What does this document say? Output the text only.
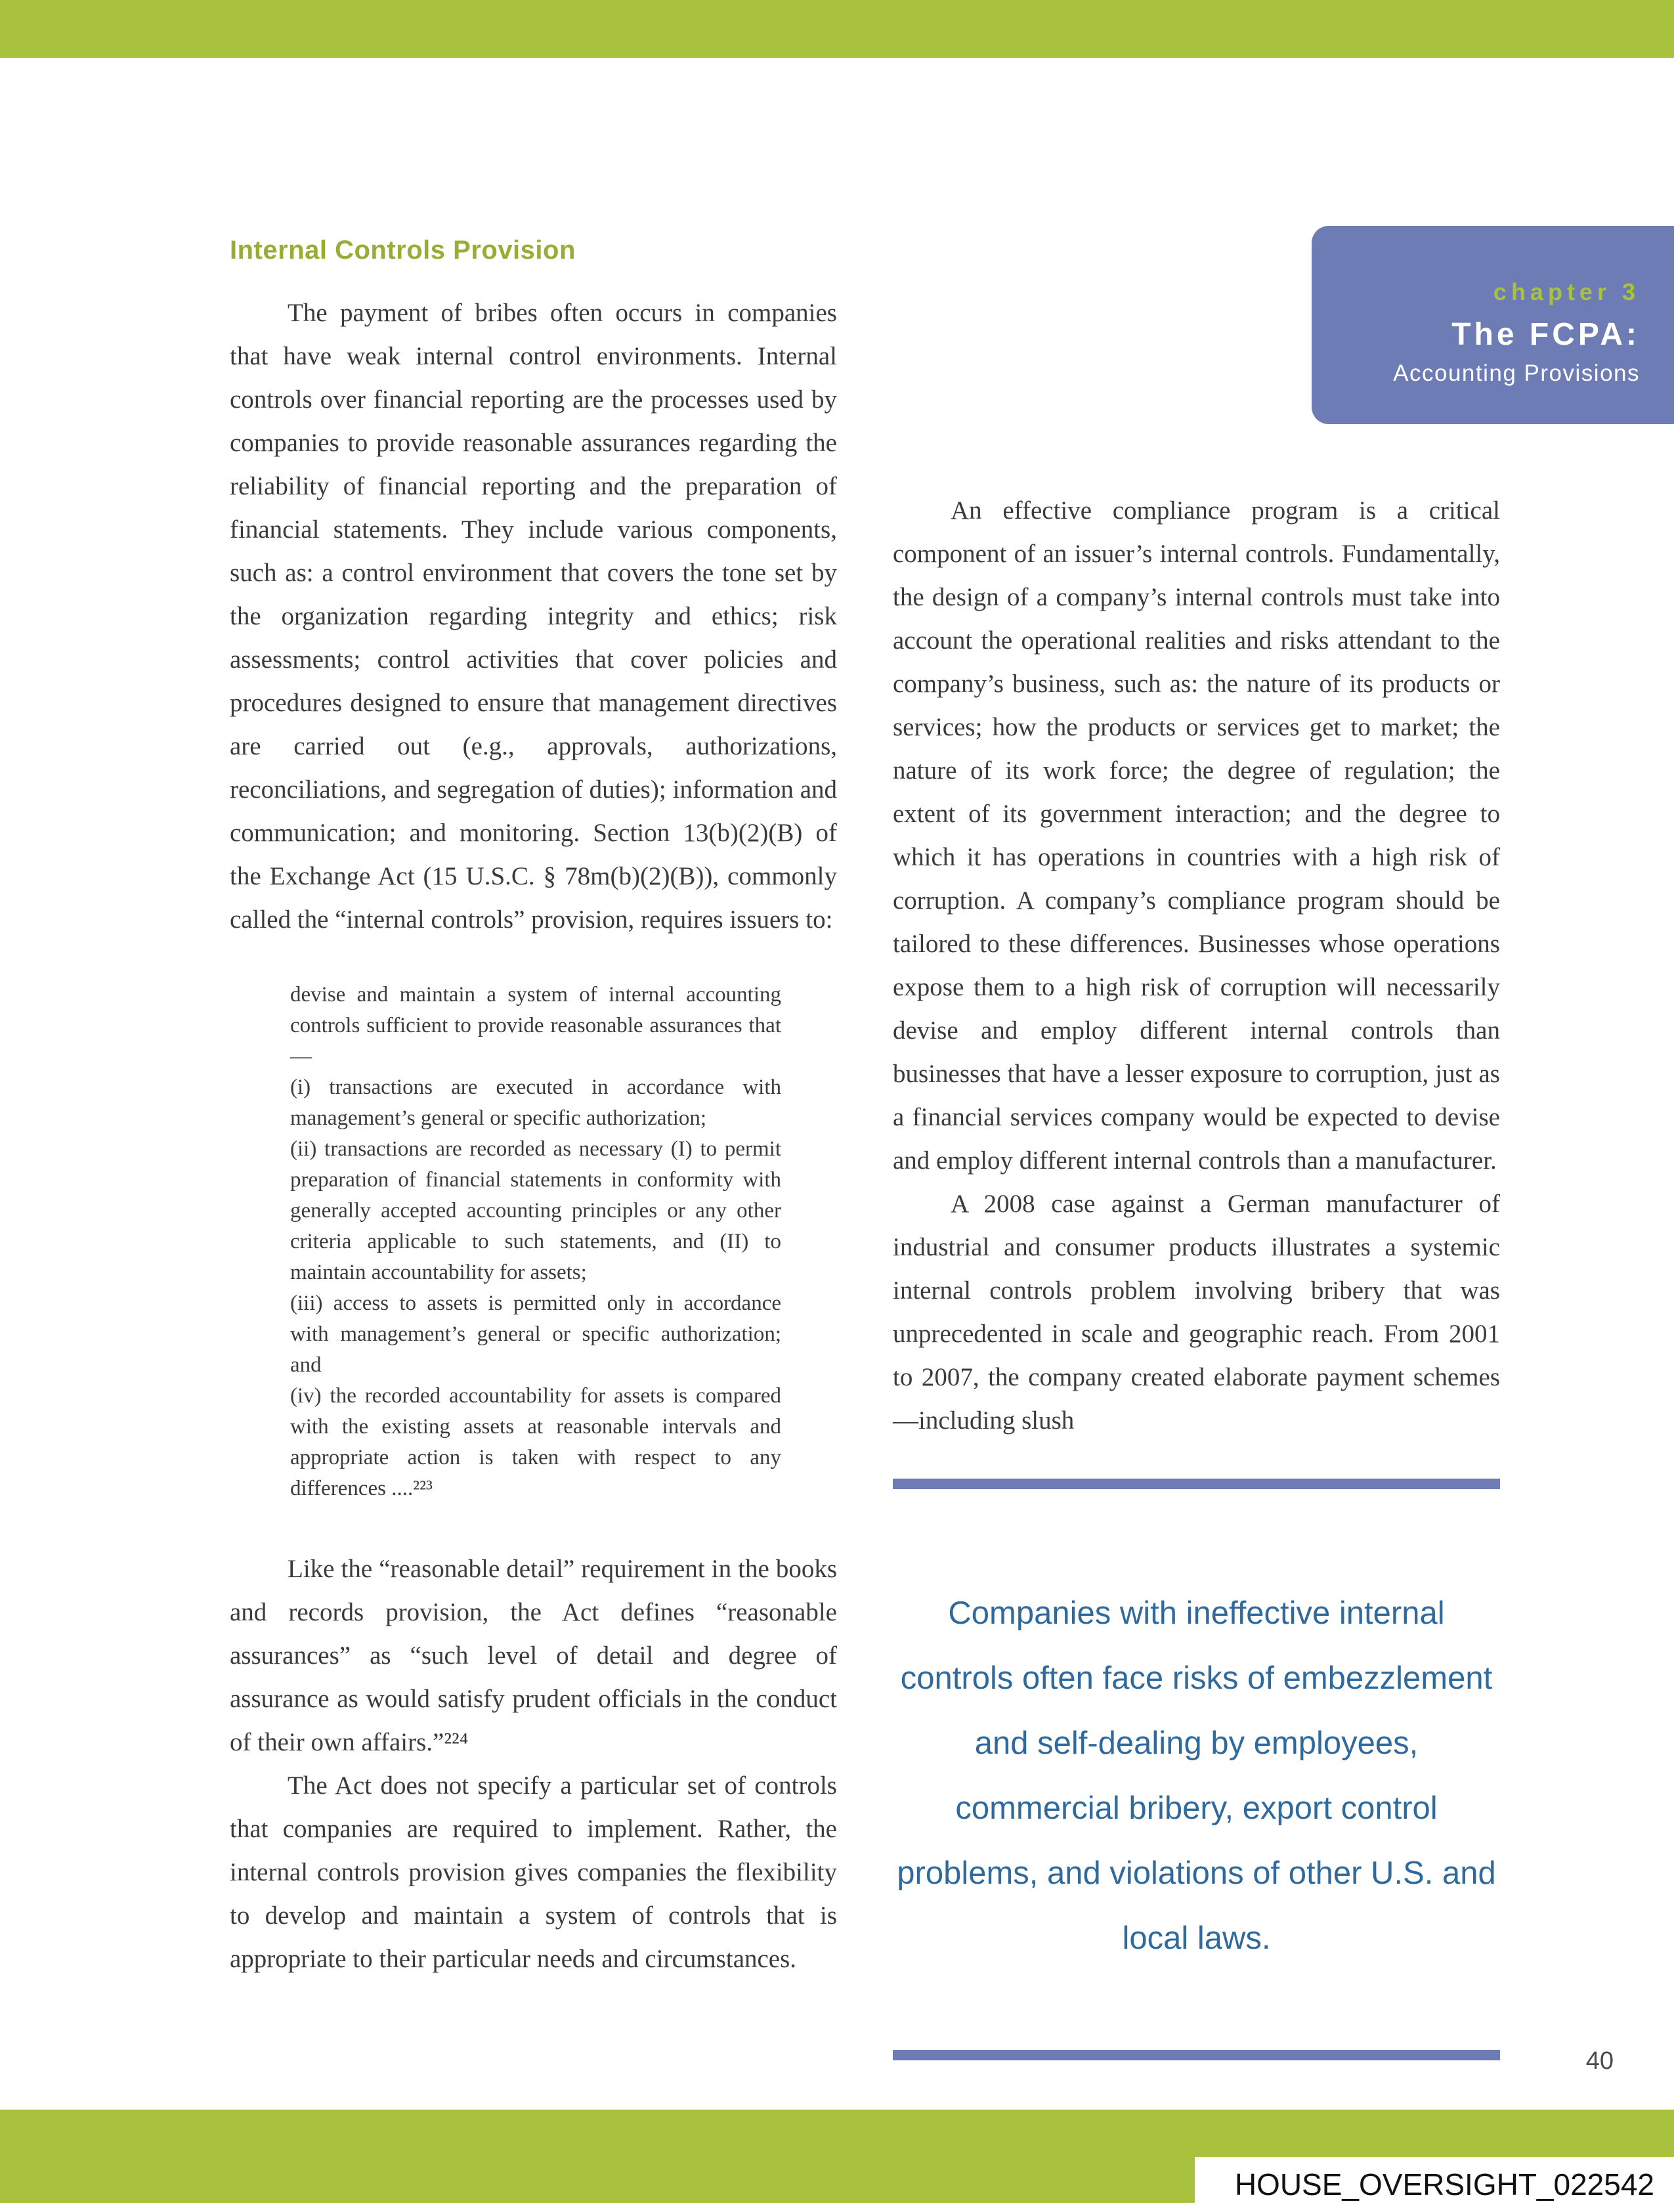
chapter 3
The FCPA:
Accounting Provisions
Internal Controls Provision

The payment of bribes often occurs in companies that have weak internal control environments. Internal controls over financial reporting are the processes used by companies to provide reasonable assurances regarding the reliability of financial reporting and the preparation of financial statements. They include various components, such as: a control environment that covers the tone set by the organization regarding integrity and ethics; risk assessments; control activities that cover policies and procedures designed to ensure that management directives are carried out (e.g., approvals, authorizations, reconciliations, and segregation of duties); information and communication; and monitoring. Section 13(b)(2)(B) of the Exchange Act (15 U.S.C. § 78m(b)(2)(B)), commonly called the “internal controls” provision, requires issuers to:

devise and maintain a system of internal accounting controls sufficient to provide reasonable assurances that—

(i) transactions are executed in accordance with management’s general or specific authorization;

(ii) transactions are recorded as necessary (I) to permit preparation of financial statements in conformity with generally accepted accounting principles or any other criteria applicable to such statements, and (II) to maintain accountability for assets;

(iii) access to assets is permitted only in accordance with management’s general or specific authorization; and

(iv) the recorded accountability for assets is compared with the existing assets at reasonable intervals and appropriate action is taken with respect to any differences ....²²³

Like the “reasonable detail” requirement in the books and records provision, the Act defines “reasonable assurances” as “such level of detail and degree of assurance as would satisfy prudent officials in the conduct of their own affairs.”²²⁴

The Act does not specify a particular set of controls that companies are required to implement. Rather, the internal controls provision gives companies the flexibility to develop and maintain a system of controls that is appropriate to their particular needs and circumstances.

An effective compliance program is a critical component of an issuer’s internal controls. Fundamentally, the design of a company’s internal controls must take into account the operational realities and risks attendant to the company’s business, such as: the nature of its products or services; how the products or services get to market; the nature of its work force; the degree of regulation; the extent of its government interaction; and the degree to which it has operations in countries with a high risk of corruption. A company’s compliance program should be tailored to these differences. Businesses whose operations expose them to a high risk of corruption will necessarily devise and employ different internal controls than businesses that have a lesser exposure to corruption, just as a financial services company would be expected to devise and employ different internal controls than a manufacturer.

A 2008 case against a German manufacturer of industrial and consumer products illustrates a systemic internal controls problem involving bribery that was unprecedented in scale and geographic reach. From 2001 to 2007, the company created elaborate payment schemes—including slush

Companies with ineffective internal controls often face risks of embezzlement and self-dealing by employees, commercial bribery, export control problems, and violations of other U.S. and local laws.
40
HOUSE_OVERSIGHT_022542
